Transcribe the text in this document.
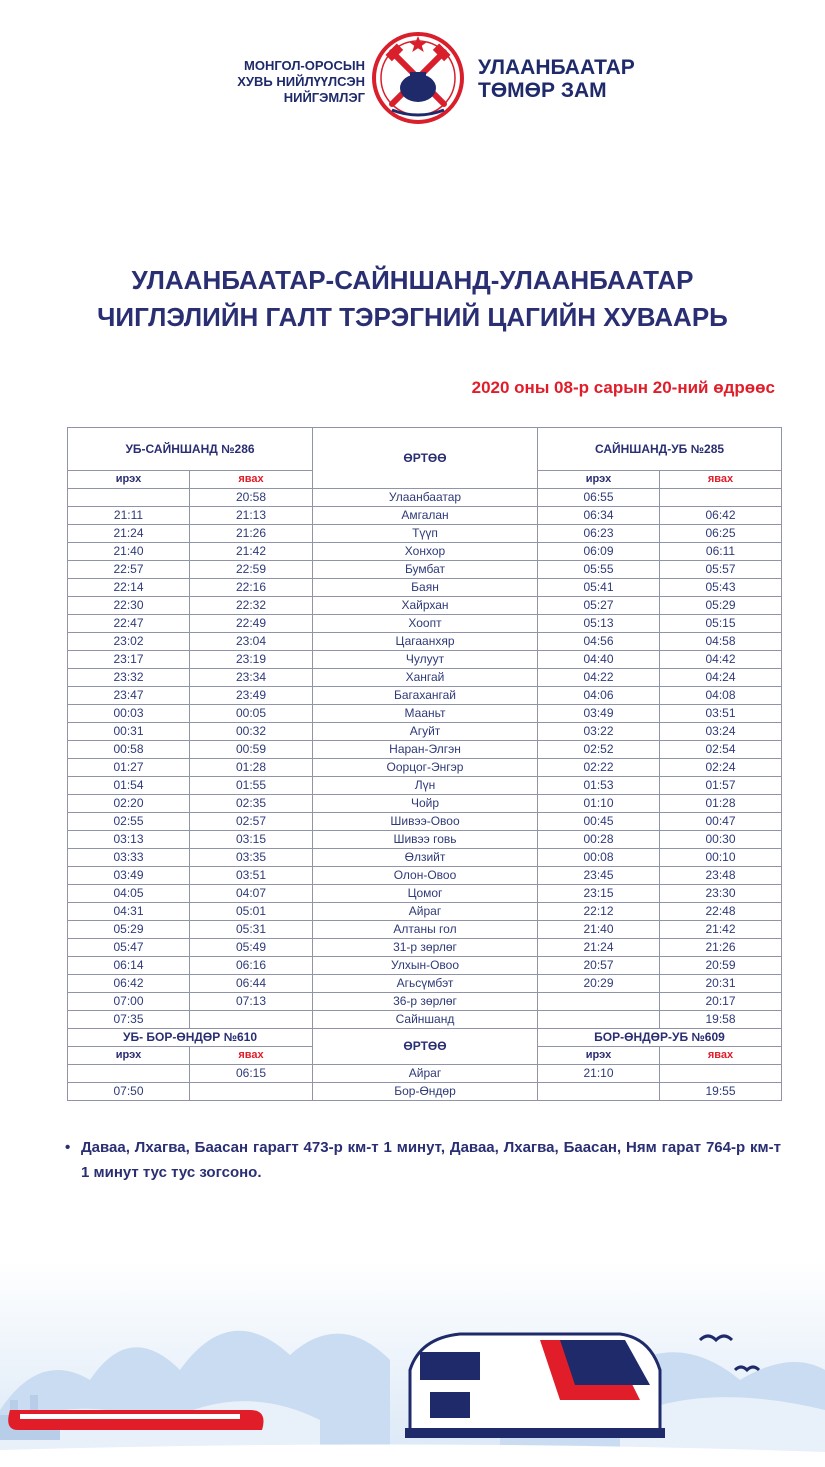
МОНГОЛ-ОРОСЫН
ХУВЬ НИЙЛҮҮЛСЭН
НИЙГЭМЛЭГ
УЛААНБААТАР
ТӨМӨР ЗАМ
УЛААНБААТАР-САЙНШАНД-УЛААНБААТАР
ЧИГЛЭЛИЙН ГАЛТ ТЭРЭГНИЙ ЦАГИЙН ХУВААРЬ
2020 оны 08-р сарын 20-ний өдрөөс
УБ-САЙНШАНД №286		ӨРТӨӨ	САЙНШАНД-УБ №285	
ирэх	явах		ирэх	явах
	20:58	Улаанбаатар	06:55	
21:11	21:13	Амгалан	06:34	06:42
21:24	21:26	Түүп	06:23	06:25
21:40	21:42	Хонхор	06:09	06:11
22:57	22:59	Бумбат	05:55	05:57
22:14	22:16	Баян	05:41	05:43
22:30	22:32	Хайрхан	05:27	05:29
22:47	22:49	Хоопт	05:13	05:15
23:02	23:04	Цагаанхяр	04:56	04:58
23:17	23:19	Чулуут	04:40	04:42
23:32	23:34	Хангай	04:22	04:24
23:47	23:49	Багахангай	04:06	04:08
00:03	00:05	Мааньт	03:49	03:51
00:31	00:32	Агуйт	03:22	03:24
00:58	00:59	Наран-Элгэн	02:52	02:54
01:27	01:28	Оорцог-Энгэр	02:22	02:24
01:54	01:55	Лүн	01:53	01:57
02:20	02:35	Чойр	01:10	01:28
02:55	02:57	Шивээ-Овоо	00:45	00:47
03:13	03:15	Шивээ говь	00:28	00:30
03:33	03:35	Өлзийт	00:08	00:10
03:49	03:51	Олон-Овоо	23:45	23:48
04:05	04:07	Цомог	23:15	23:30
04:31	05:01	Айраг	22:12	22:48
05:29	05:31	Алтаны гол	21:40	21:42
05:47	05:49	31-р зөрлөг	21:24	21:26
06:14	06:16	Улхын-Овоо	20:57	20:59
06:42	06:44	Агьсүмбэт	20:29	20:31
07:00	07:13	36-р зөрлөг		20:17
07:35		Сайншанд		19:58
УБ- БОР-ӨНДӨР №610		ӨРТӨӨ	БОР-ӨНДӨР-УБ №609	
ирэх	явах		ирэх	явах
	06:15	Айраг	21:10	
07:50		Бор-Өндөр		19:55
• Даваа, Лхагва, Баасан гарагт 473-р км-т 1 минут, Даваа, Лхагва, Баасан, Ням гарат 764-р км-т 1 минут тус тус зогсоно.
